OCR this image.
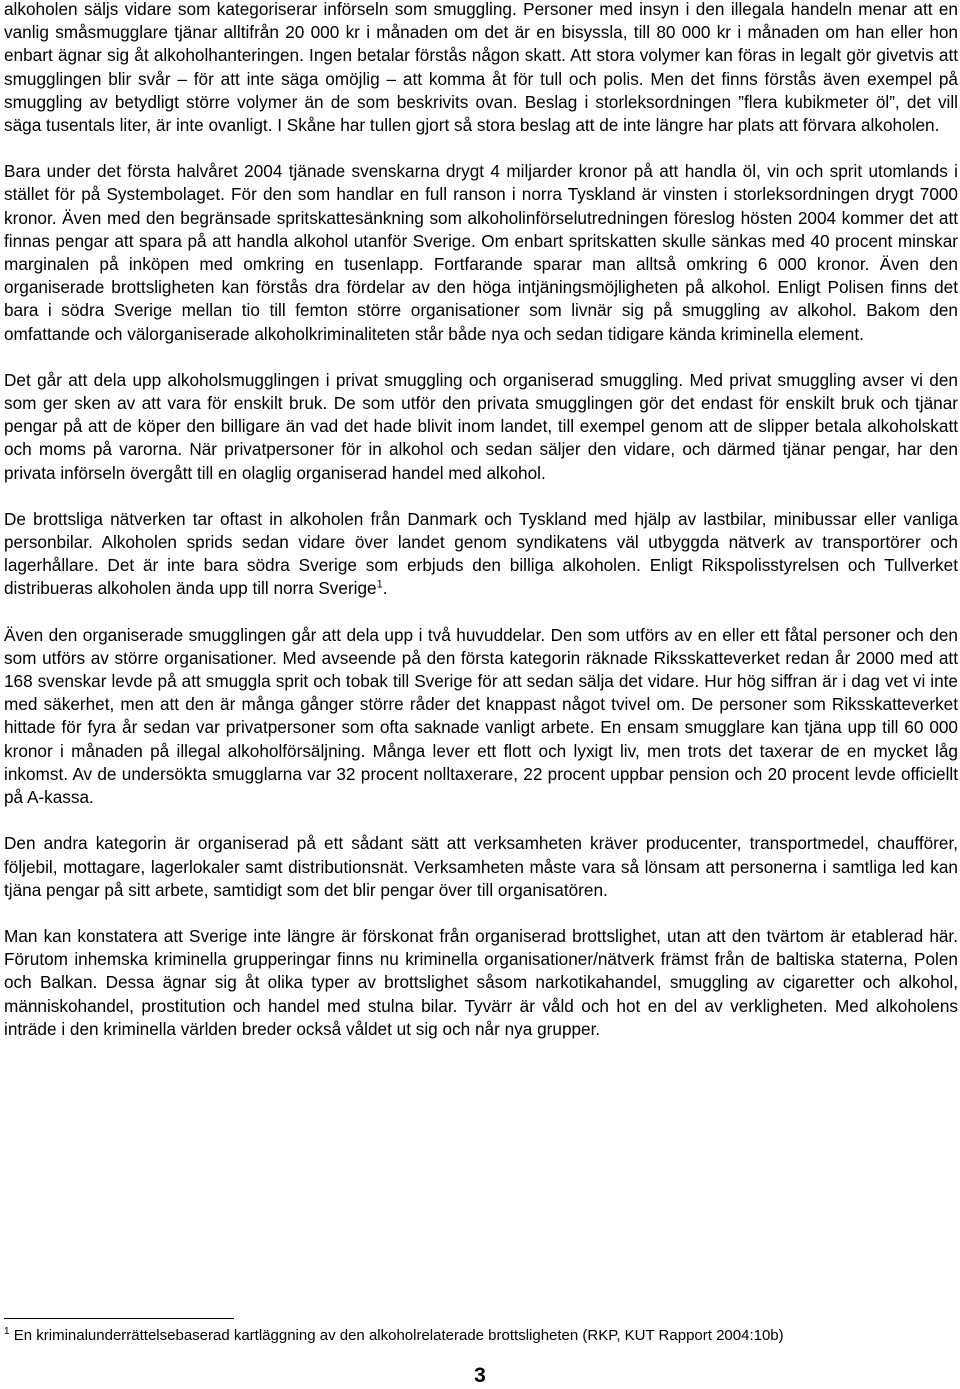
alkoholen säljs vidare som kategoriserar införseln som smuggling. Personer med insyn i den illegala handeln menar att en vanlig småsmugglare tjänar alltifrån 20 000 kr i månaden om det är en bisyssla, till 80 000 kr i månaden om han eller hon enbart ägnar sig åt alkoholhanteringen. Ingen betalar förstås någon skatt. Att stora volymer kan föras in legalt gör givetvis att smugglingen blir svår – för att inte säga omöjlig – att komma åt för tull och polis. Men det finns förstås även exempel på smuggling av betydligt större volymer än de som beskrivits ovan. Beslag i storleksordningen ”flera kubikmeter öl”, det vill säga tusentals liter, är inte ovanligt. I Skåne har tullen gjort så stora beslag att de inte längre har plats att förvara alkoholen.

Bara under det första halvåret 2004 tjänade svenskarna drygt 4 miljarder kronor på att handla öl, vin och sprit utomlands i stället för på Systembolaget. För den som handlar en full ranson i norra Tyskland är vinsten i storleksordningen drygt 7000 kronor. Även med den begränsade spritskattesänkning som alkoholinförselutredningen föreslog hösten 2004 kommer det att finnas pengar att spara på att handla alkohol utanför Sverige. Om enbart spritskatten skulle sänkas med 40 procent minskar marginalen på inköpen med omkring en tusenlapp. Fortfarande sparar man alltså omkring 6 000 kronor. Även den organiserade brottsligheten kan förstås dra fördelar av den höga intjäningsmöjligheten på alkohol. Enligt Polisen finns det bara i södra Sverige mellan tio till femton större organisationer som livnär sig på smuggling av alkohol. Bakom den omfattande och välorganiserade alkoholkriminaliteten står både nya och sedan tidigare kända kriminella element.

Det går att dela upp alkoholsmugglingen i privat smuggling och organiserad smuggling. Med privat smuggling avser vi den som ger sken av att vara för enskilt bruk. De som utför den privata smugglingen gör det endast för enskilt bruk och tjänar pengar på att de köper den billigare än vad det hade blivit inom landet, till exempel genom att de slipper betala alkoholskatt och moms på varorna. När privatpersoner för in alkohol och sedan säljer den vidare, och därmed tjänar pengar, har den privata införseln övergått till en olaglig organiserad handel med alkohol.

De brottsliga nätverken tar oftast in alkoholen från Danmark och Tyskland med hjälp av lastbilar, minibussar eller vanliga personbilar. Alkoholen sprids sedan vidare över landet genom syndikatens väl utbyggda nätverk av transportörer och lagerhållare. Det är inte bara södra Sverige som erbjuds den billiga alkoholen. Enligt Rikspolisstyrelsen och Tullverket distribueras alkoholen ända upp till norra Sverige$^1$.

Även den organiserade smugglingen går att dela upp i två huvuddelar. Den som utförs av en eller ett fåtal personer och den som utförs av större organisationer. Med avseende på den första kategorin räknade Riksskatteverket redan år 2000 med att 168 svenskar levde på att smuggla sprit och tobak till Sverige för att sedan sälja det vidare. Hur hög siffran är i dag vet vi inte med säkerhet, men att den är många gånger större råder det knappast något tvivel om. De personer som Riksskatteverket hittade för fyra år sedan var privatpersoner som ofta saknade vanligt arbete. En ensam smugglare kan tjäna upp till 60 000 kronor i månaden på illegal alkoholförsäljning. Många lever ett flott och lyxigt liv, men trots det taxerar de en mycket låg inkomst. Av de undersökta smugglarna var 32 procent nolltaxerare, 22 procent uppbar pension och 20 procent levde officiellt på A-kassa.

Den andra kategorin är organiserad på ett sådant sätt att verksamheten kräver producenter, transportmedel, chaufförer, följebil, mottagare, lagerlokaler samt distributionsnät. Verksamheten måste vara så lönsam att personerna i samtliga led kan tjäna pengar på sitt arbete, samtidigt som det blir pengar över till organisatören.

Man kan konstatera att Sverige inte längre är förskonat från organiserad brottslighet, utan att den tvärtom är etablerad här. Förutom inhemska kriminella grupperingar finns nu kriminella organisationer/nätverk främst från de baltiska staterna, Polen och Balkan. Dessa ägnar sig åt olika typer av brottslighet såsom narkotikahandel, smuggling av cigaretter och alkohol, människohandel, prostitution och handel med stulna bilar. Tyvärr är våld och hot en del av verkligheten. Med alkoholens inträde i den kriminella världen breder också våldet ut sig och når nya grupper.

$^1$ En kriminalunderrättelsebaserad kartläggning av den alkoholrelaterade brottsligheten (RKP, KUT Rapport 2004:10b)
3
